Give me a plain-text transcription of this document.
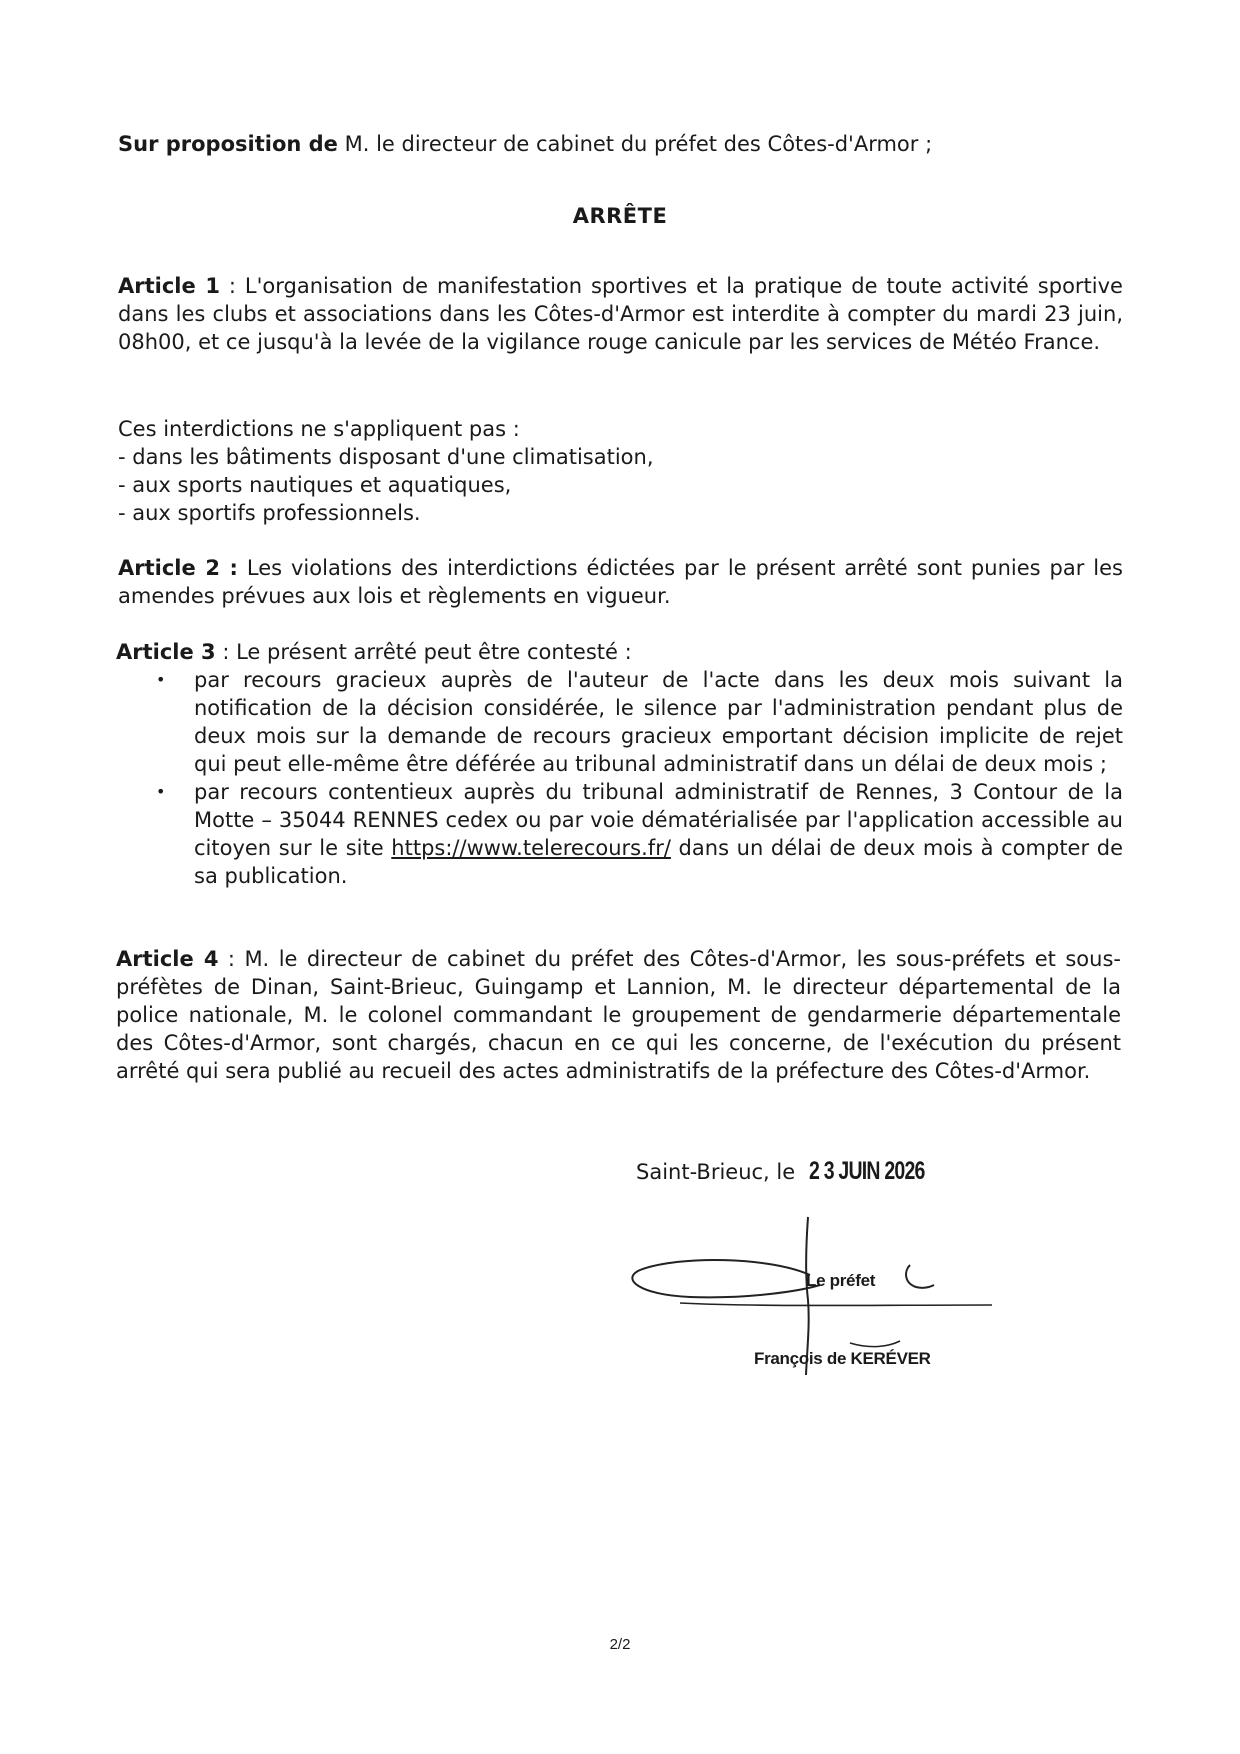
Sur proposition de M. le directeur de cabinet du préfet des Côtes-d'Armor ;

ARRÊTE

Article 1 : L'organisation de manifestation sportives et la pratique de toute activité sportive dans les clubs et associations dans les Côtes-d'Armor est interdite à compter du mardi 23 juin, 08h00, et ce jusqu'à la levée de la vigilance rouge canicule par les services de Météo France.

Ces interdictions ne s'appliquent pas :
- dans les bâtiments disposant d'une climatisation,
- aux sports nautiques et aquatiques,
- aux sportifs professionnels.

Article 2 : Les violations des interdictions édictées par le présent arrêté sont punies par les amendes prévues aux lois et règlements en vigueur.

Article 3 : Le présent arrêté peut être contesté :

• par recours gracieux auprès de l'auteur de l'acte dans les deux mois suivant la notification de la décision considérée, le silence par l'administration pendant plus de deux mois sur la demande de recours gracieux emportant décision implicite de rejet qui peut elle-même être déférée au tribunal administratif dans un délai de deux mois ;
• par recours contentieux auprès du tribunal administratif de Rennes, 3 Contour de la Motte – 35044 RENNES cedex ou par voie dématérialisée par l'application accessible au citoyen sur le site https://www.telerecours.fr/ dans un délai de deux mois à compter de sa publication.

Article 4 : M. le directeur de cabinet du préfet des Côtes-d'Armor, les sous-préfets et sous-préfètes de Dinan, Saint-Brieuc, Guingamp et Lannion, M. le directeur départemental de la police nationale, M. le colonel commandant le groupement de gendarmerie départementale des Côtes-d'Armor, sont chargés, chacun en ce qui les concerne, de l'exécution du présent arrêté qui sera publié au recueil des actes administratifs de la préfecture des Côtes-d'Armor.

Saint-Brieuc, le 2 3 JUIN 2026
Le préfet
François de KERÉVER
2/2
